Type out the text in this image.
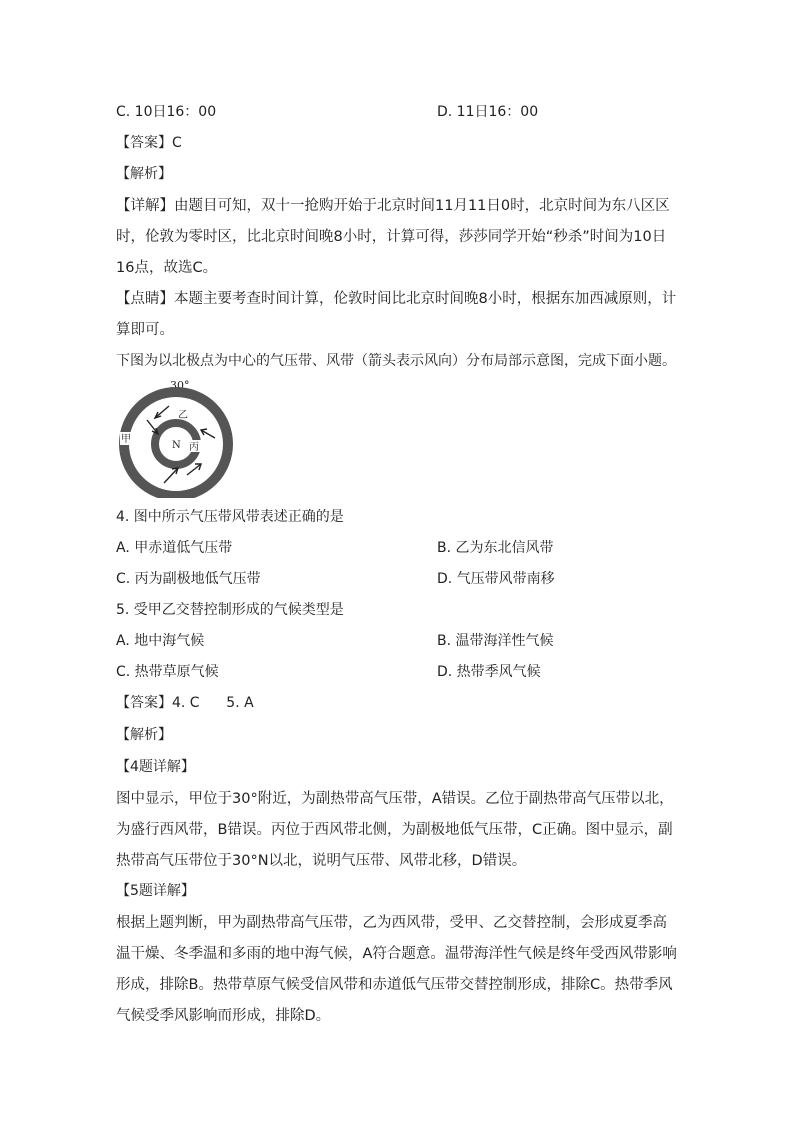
C. 10日16：00	D. 11日16：00
【答案】C
【解析】
【详解】由题目可知，双十一抢购开始于北京时间11月11日0时，北京时间为东八区区时，伦敦为零时区，比北京时间晚8小时，计算可得，莎莎同学开始“秒杀”时间为10日16点，故选C。
【点睛】本题主要考查时间计算，伦敦时间比北京时间晚8小时，根据东加西减原则，计算即可。
下图为以北极点为中心的气压带、风带（箭头表示风向）分布局部示意图，完成下面小题。
30°
N
甲
乙
丙
4. 图中所示气压带风带表述正确的是
A. 甲赤道低气压带	B. 乙为东北信风带
C. 丙为副极地低气压带	D. 气压带风带南移
5. 受甲乙交替控制形成的气候类型是
A. 地中海气候	B. 温带海洋性气候
C. 热带草原气候	D. 热带季风气候
【答案】4. C      5. A
【解析】
【4题详解】
图中显示，甲位于30°附近，为副热带高气压带，A错误。乙位于副热带高气压带以北，为盛行西风带，B错误。丙位于西风带北侧，为副极地低气压带，C正确。图中显示，副热带高气压带位于30°N以北，说明气压带、风带北移，D错误。
【5题详解】
根据上题判断，甲为副热带高气压带，乙为西风带，受甲、乙交替控制，会形成夏季高温干燥、冬季温和多雨的地中海气候，A符合题意。温带海洋性气候是终年受西风带影响形成，排除B。热带草原气候受信风带和赤道低气压带交替控制形成，排除C。热带季风气候受季风影响而形成，排除D。
